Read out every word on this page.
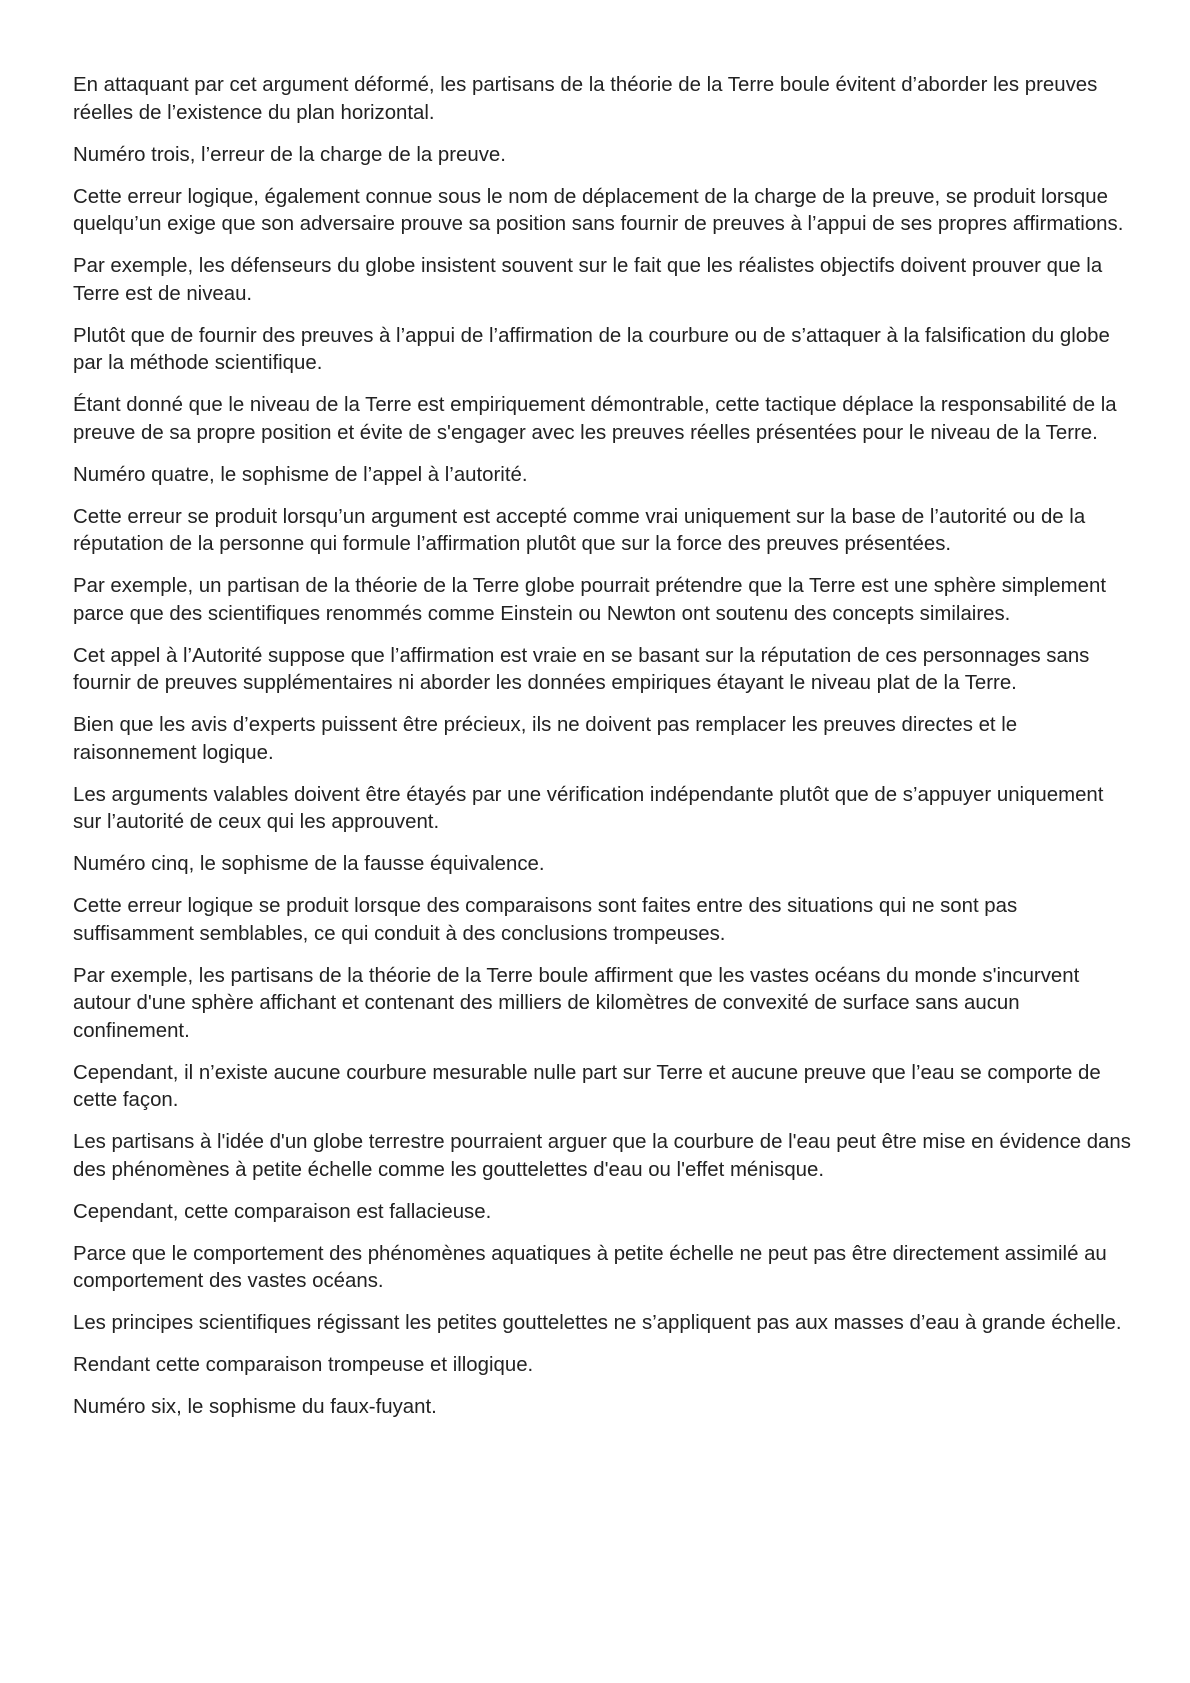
En attaquant par cet argument déformé, les partisans de la théorie de la Terre boule évitent d’aborder les preuves réelles de l’existence du plan horizontal.

Numéro trois, l’erreur de la charge de la preuve.

Cette erreur logique, également connue sous le nom de déplacement de la charge de la preuve, se produit lorsque quelqu’un exige que son adversaire prouve sa position sans fournir de preuves à l’appui de ses propres affirmations.

Par exemple, les défenseurs du globe insistent souvent sur le fait que les réalistes objectifs doivent prouver que la Terre est de niveau.

Plutôt que de fournir des preuves à l’appui de l’affirmation de la courbure ou de s’attaquer à la falsification du globe par la méthode scientifique.

Étant donné que le niveau de la Terre est empiriquement démontrable, cette tactique déplace la responsabilité de la preuve de sa propre position et évite de s'engager avec les preuves réelles présentées pour le niveau de la Terre.

Numéro quatre, le sophisme de l’appel à l’autorité.

Cette erreur se produit lorsqu’un argument est accepté comme vrai uniquement sur la base de l’autorité ou de la réputation de la personne qui formule l’affirmation plutôt que sur la force des preuves présentées.

Par exemple, un partisan de la théorie de la Terre globe pourrait prétendre que la Terre est une sphère simplement parce que des scientifiques renommés comme Einstein ou Newton ont soutenu des concepts similaires.

Cet appel à l’Autorité suppose que l’affirmation est vraie en se basant sur la réputation de ces personnages sans fournir de preuves supplémentaires ni aborder les données empiriques étayant le niveau plat de la Terre.

Bien que les avis d’experts puissent être précieux, ils ne doivent pas remplacer les preuves directes et le raisonnement logique.

Les arguments valables doivent être étayés par une vérification indépendante plutôt que de s’appuyer uniquement sur l’autorité de ceux qui les approuvent.

Numéro cinq, le sophisme de la fausse équivalence.

Cette erreur logique se produit lorsque des comparaisons sont faites entre des situations qui ne sont pas suffisamment semblables, ce qui conduit à des conclusions trompeuses.

Par exemple, les partisans de la théorie de la Terre boule affirment que les vastes océans du monde s'incurvent autour d'une sphère affichant et contenant des milliers de kilomètres de convexité de surface sans aucun confinement.

Cependant, il n’existe aucune courbure mesurable nulle part sur Terre et aucune preuve que l’eau se comporte de cette façon.

Les partisans à l'idée d'un globe terrestre pourraient arguer que la courbure de l'eau peut être mise en évidence dans des phénomènes à petite échelle comme les gouttelettes d'eau ou l'effet ménisque.

Cependant, cette comparaison est fallacieuse.

Parce que le comportement des phénomènes aquatiques à petite échelle ne peut pas être directement assimilé au comportement des vastes océans.

Les principes scientifiques régissant les petites gouttelettes ne s’appliquent pas aux masses d’eau à grande échelle.

Rendant cette comparaison trompeuse et illogique.

Numéro six, le sophisme du faux-fuyant.
